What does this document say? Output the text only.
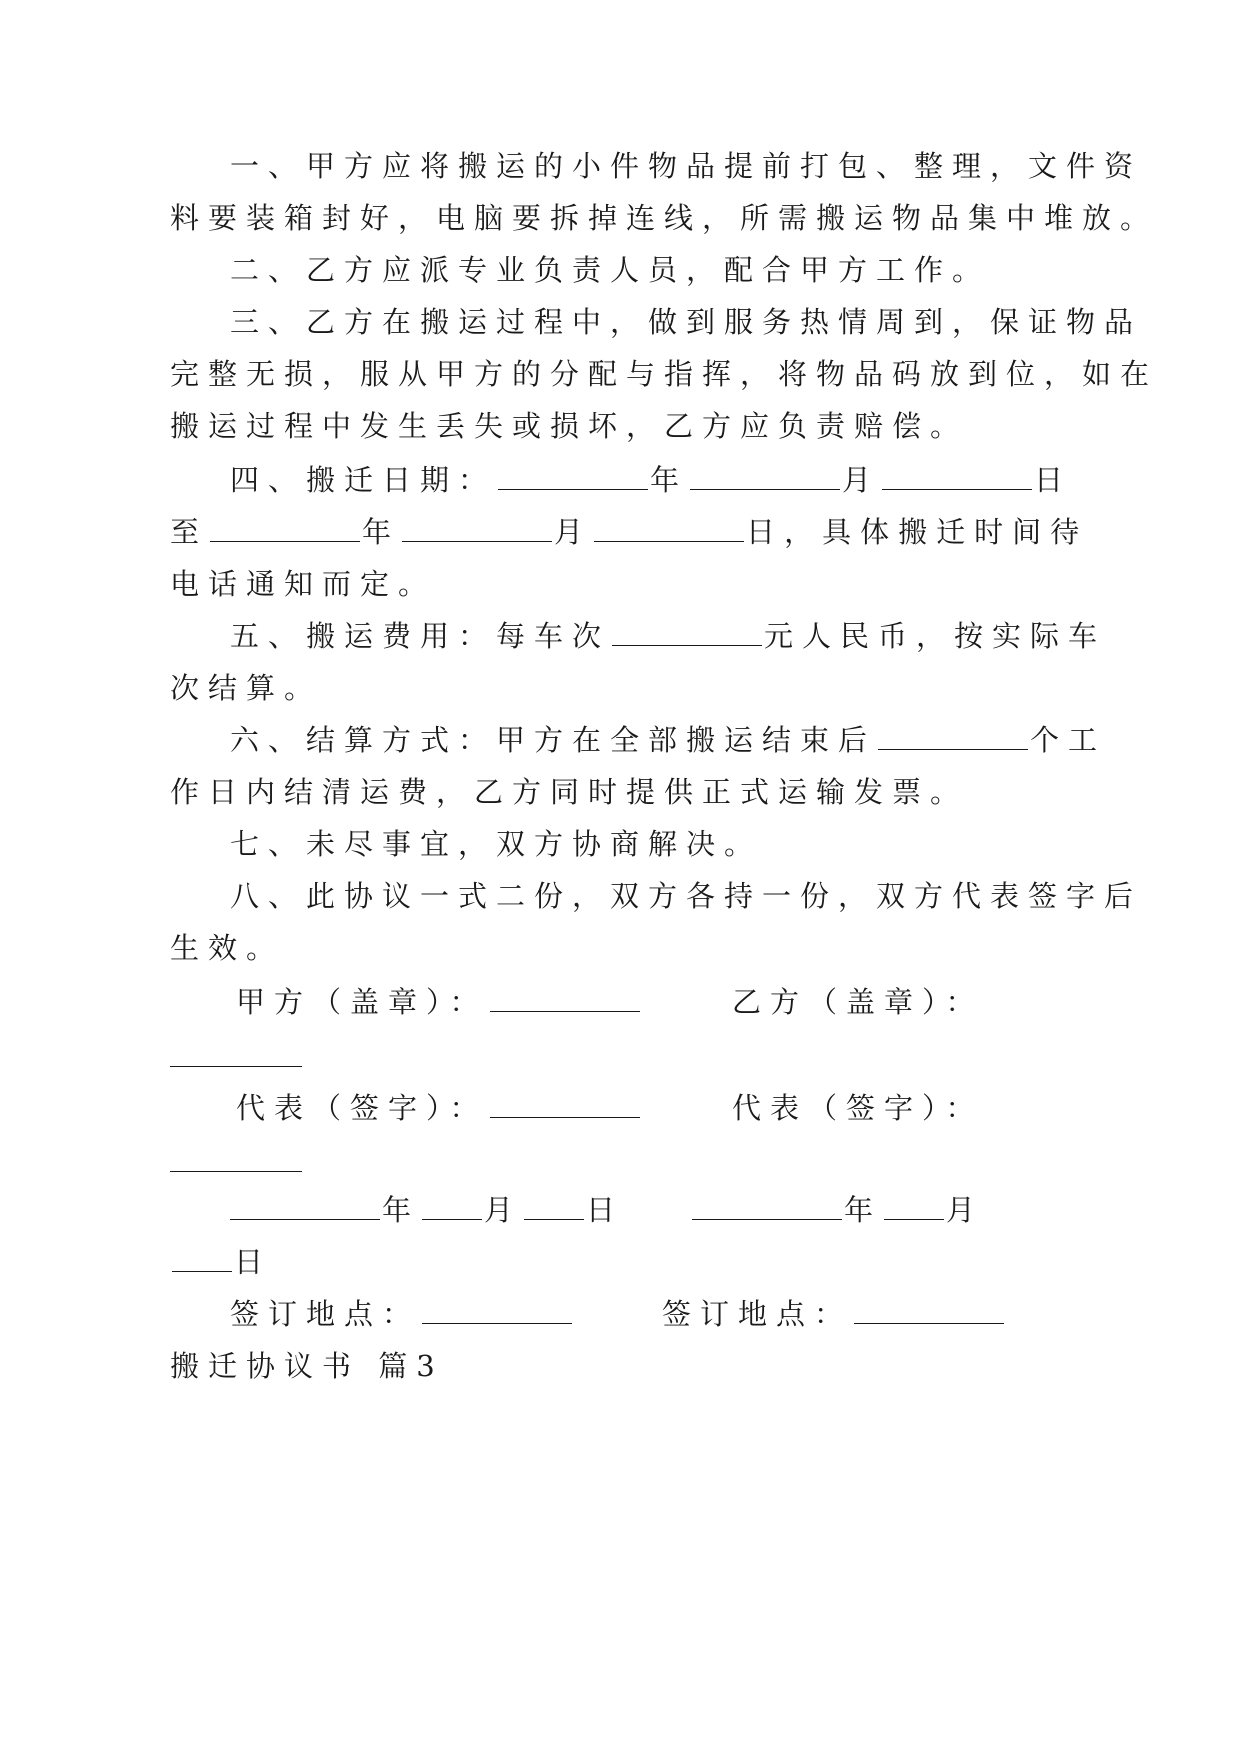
一、甲方应将搬运的小件物品提前打包、整理，文件资
料要装箱封好，电脑要拆掉连线，所需搬运物品集中堆放。
二、乙方应派专业负责人员，配合甲方工作。
三、乙方在搬运过程中，做到服务热情周到，保证物品
完整无损，服从甲方的分配与指挥，将物品码放到位，如在
搬运过程中发生丢失或损坏，乙方应负责赔偿。
四、搬迁日期：	年	月	日
至	年	月	日，具体搬迁时间待
电话通知而定。
五、搬运费用：每车次	元人民币，按实际车
次结算。
六、结算方式：甲方在全部搬运结束后	个工
作日内结清运费，乙方同时提供正式运输发票。
七、未尽事宜，双方协商解决。
八、此协议一式二份，双方各持一份，双方代表签字后
生效。
甲方（盖章）：	乙方（盖章）：
代表（签字）：	代表（签字）：
年 月 日	年 月
日
签订地点：	签订地点：
搬迁协议书 篇3
